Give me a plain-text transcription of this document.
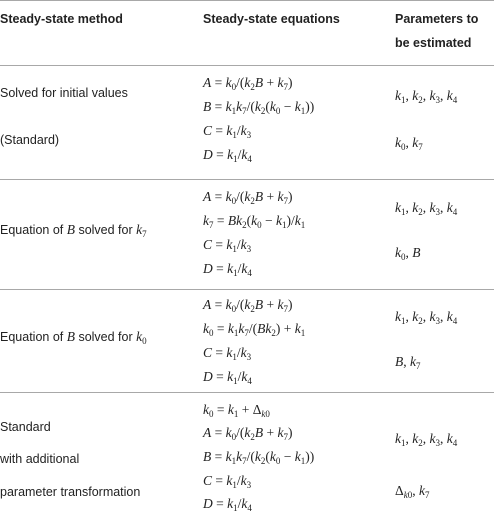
Steady-state method	Steady-state equations	Parameters to
be estimated
Solved for initial values
(Standard)
$A = k_0/(k_2B + k_7)$
$B = k_1k_7/(k_2(k_0 - k_1))$
$C = k_1/k_3$
$D = k_1/k_4$
$k_1$, $k_2$, $k_3$, $k_4$
$k_0$, $k_7$
Equation of B solved for $k_7$
$A = k_0/(k_2B + k_7)$
$k_7 = Bk_2(k_0 - k_1)/k_1$
$C = k_1/k_3$
$D = k_1/k_4$
$k_1$, $k_2$, $k_3$, $k_4$
$k_0$, B
Equation of B solved for $k_0$
$A = k_0/(k_2B + k_7)$
$k_0 = k_1k_7/(Bk_2) + k_1$
$C = k_1/k_3$
$D = k_1/k_4$
$k_1$, $k_2$, $k_3$, $k_4$
B, $k_7$
Standard
with additional
parameter transformation
$k_0 = k_1 + \Delta_{k0}$
$A = k_0/(k_2B + k_7)$
$B = k_1k_7/(k_2(k_0 - k_1))$
$C = k_1/k_3$
$D = k_1/k_4$
$k_1$, $k_2$, $k_3$, $k_4$
$\Delta_{k0}$, $k_7$
